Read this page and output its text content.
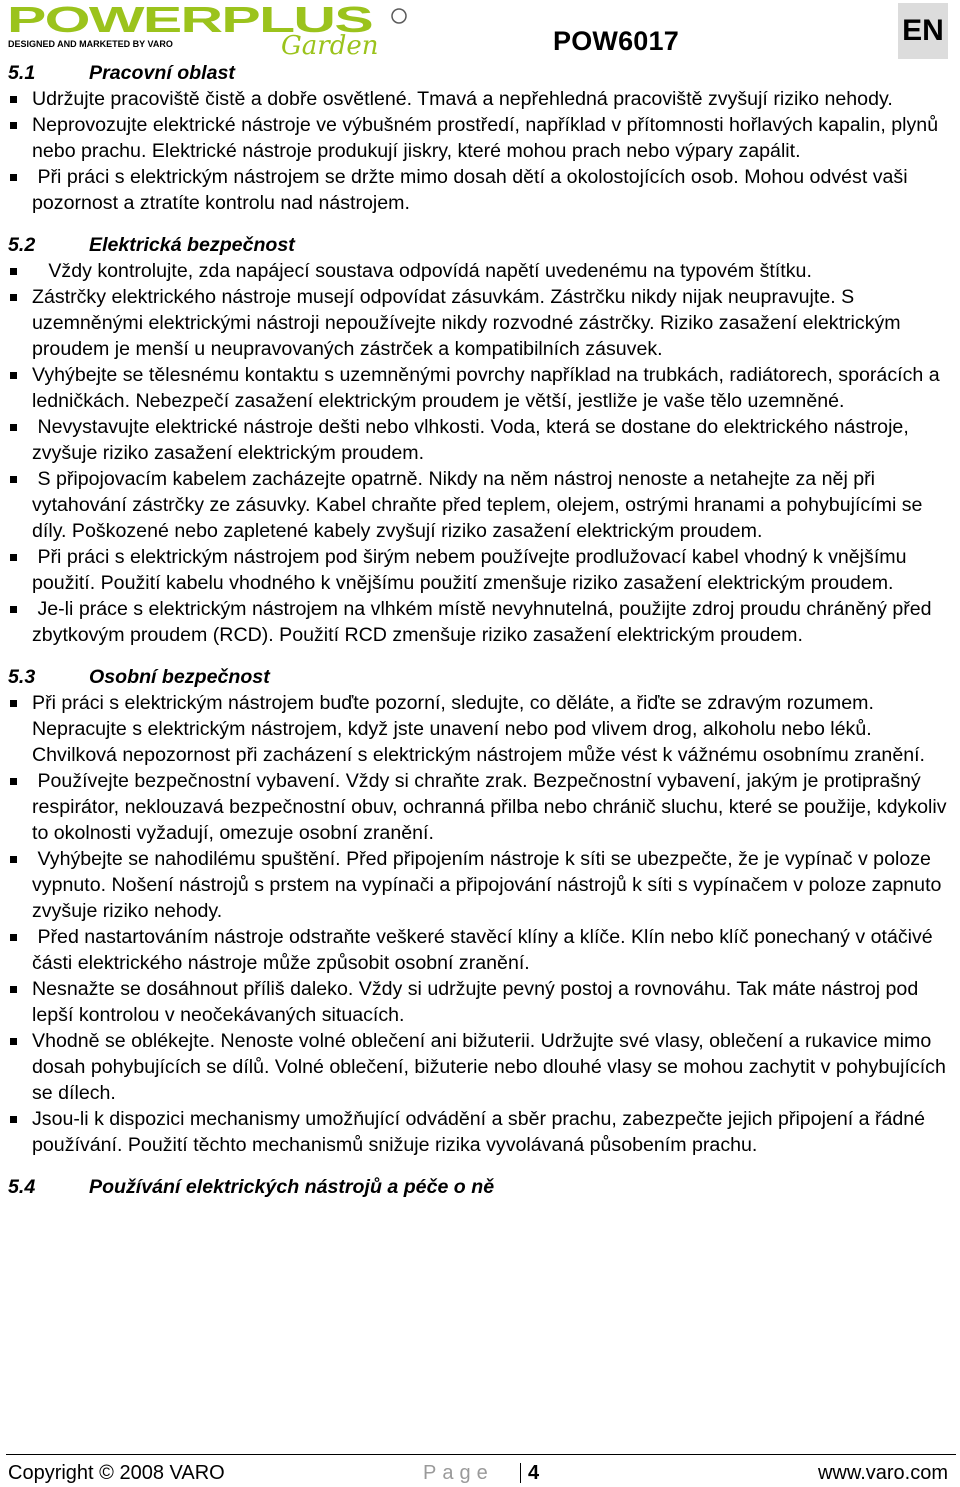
POWERPLUS
DESIGNED AND MARKETED BY VARO	Garden	POW6017	EN
5.1	Pracovní oblast
Udržujte pracoviště čistě a dobře osvětlené. Tmavá a nepřehledná pracoviště zvyšují riziko nehody.
Neprovozujte elektrické nástroje ve výbušném prostředí, například v přítomnosti hořlavých kapalin, plynů nebo prachu. Elektrické nástroje produkují jiskry, které mohou prach nebo výpary zapálit.
Při práci s elektrickým nástrojem se držte mimo dosah dětí a okolostojících osob. Mohou odvést vaši pozornost a ztratíte kontrolu nad nástrojem.
5.2	Elektrická bezpečnost
Vždy kontrolujte, zda napájecí soustava odpovídá napětí uvedenému na typovém štítku.
Zástrčky elektrického nástroje musejí odpovídat zásuvkám. Zástrčku nikdy nijak neupravujte. S uzemněnými elektrickými nástroji nepoužívejte nikdy rozvodné zástrčky. Riziko zasažení elektrickým proudem je menší u neupravovaných zástrček a kompatibilních zásuvek.
Vyhýbejte se tělesnému kontaktu s uzemněnými povrchy například na trubkách, radiátorech, sporácích a ledničkách. Nebezpečí zasažení elektrickým proudem je větší, jestliže je vaše tělo uzemněné.
Nevystavujte elektrické nástroje dešti nebo vlhkosti. Voda, která se dostane do elektrického nástroje, zvyšuje riziko zasažení elektrickým proudem.
S připojovacím kabelem zacházejte opatrně. Nikdy na něm nástroj nenoste a netahejte za něj při vytahování zástrčky ze zásuvky. Kabel chraňte před teplem, olejem, ostrými hranami a pohybujícími se díly. Poškozené nebo zapletené kabely zvyšují riziko zasažení elektrickým proudem.
Při práci s elektrickým nástrojem pod širým nebem používejte prodlužovací kabel vhodný k vnějšímu použití. Použití kabelu vhodného k vnějšímu použití zmenšuje riziko zasažení elektrickým proudem.
Je-li práce s elektrickým nástrojem na vlhkém místě nevyhnutelná, použijte zdroj proudu chráněný před zbytkovým proudem (RCD). Použití RCD zmenšuje riziko zasažení elektrickým proudem.
5.3	Osobní bezpečnost
Při práci s elektrickým nástrojem buďte pozorní, sledujte, co děláte, a řiďte se zdravým rozumem. Nepracujte s elektrickým nástrojem, když jste unavení nebo pod vlivem drog, alkoholu nebo léků. Chvilková nepozornost při zacházení s elektrickým nástrojem může vést k vážnému osobnímu zranění.
Používejte bezpečnostní vybavení. Vždy si chraňte zrak. Bezpečnostní vybavení, jakým je protiprašný respirátor, neklouzavá bezpečnostní obuv, ochranná přilba nebo chránič sluchu, které se použije, kdykoliv to okolnosti vyžadují, omezuje osobní zranění.
Vyhýbejte se nahodilému spuštění. Před připojením nástroje k síti se ubezpečte, že je vypínač v poloze vypnuto. Nošení nástrojů s prstem na vypínači a připojování nástrojů k síti s vypínačem v poloze zapnuto zvyšuje riziko nehody.
Před nastartováním nástroje odstraňte veškeré stavěcí klíny a klíče. Klín nebo klíč ponechaný v otáčivé části elektrického nástroje může způsobit osobní zranění.
Nesnažte se dosáhnout příliš daleko. Vždy si udržujte pevný postoj a rovnováhu. Tak máte nástroj pod lepší kontrolou v neočekávaných situacích.
Vhodně se oblékejte. Nenoste volné oblečení ani bižuterii. Udržujte své vlasy, oblečení a rukavice mimo dosah pohybujících se dílů. Volné oblečení, bižuterie nebo dlouhé vlasy se mohou zachytit v pohybujících se dílech.
Jsou-li k dispozici mechanismy umožňující odvádění a sběr prachu, zabezpečte jejich připojení a řádné používání. Použití těchto mechanismů snižuje rizika vyvolávaná působením prachu.
5.4	Používání elektrických nástrojů a péče o ně
Copyright © 2008 VARO	Page 4	www.varo.com
